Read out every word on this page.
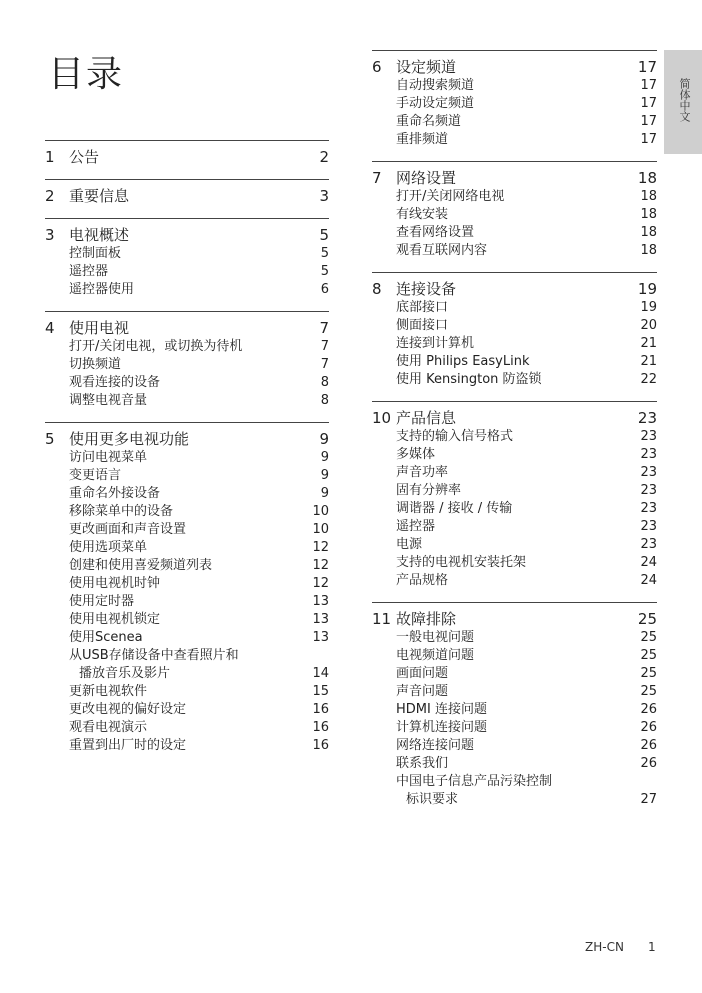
目录
1 公告	2
2 重要信息	3
3 电视概述	5
控制面板	5
遥控器	5
遥控器使用	6
4 使用电视	7
打开/关闭电视，或切换为待机	7
切换频道	7
观看连接的设备	8
调整电视音量	8
5 使用更多电视功能	9
访问电视菜单	9
变更语言	9
重命名外接设备	9
移除菜单中的设备	10
更改画面和声音设置	10
使用选项菜单	12
创建和使用喜爱频道列表	12
使用电视机时钟	12
使用定时器	13
使用电视机锁定	13
使用Scenea	13
从USB存储设备中查看照片和
播放音乐及影片	14
更新电视软件	15
更改电视的偏好设定	16
观看电视演示	16
重置到出厂时的设定	16
6 设定频道	17
自动搜索频道	17
手动设定频道	17
重命名频道	17
重排频道	17
7 网络设置	18
打开/关闭网络电视	18
有线安装	18
查看网络设置	18
观看互联网内容	18
8 连接设备	19
底部接口	19
侧面接口	20
连接到计算机	21
使用 Philips EasyLink	21
使用 Kensington 防盗锁	22
10 产品信息	23
支持的输入信号格式	23
多媒体	23
声音功率	23
固有分辨率	23
调谐器 / 接收 / 传输	23
遥控器	23
电源	23
支持的电视机安装托架	24
产品规格	24
11 故障排除	25
一般电视问题	25
电视频道问题	25
画面问题	25
声音问题	25
HDMI 连接问题	26
计算机连接问题	26
网络连接问题	26
联系我们	26
中国电子信息产品污染控制
标识要求	27
简体中文
ZH-CN 1
